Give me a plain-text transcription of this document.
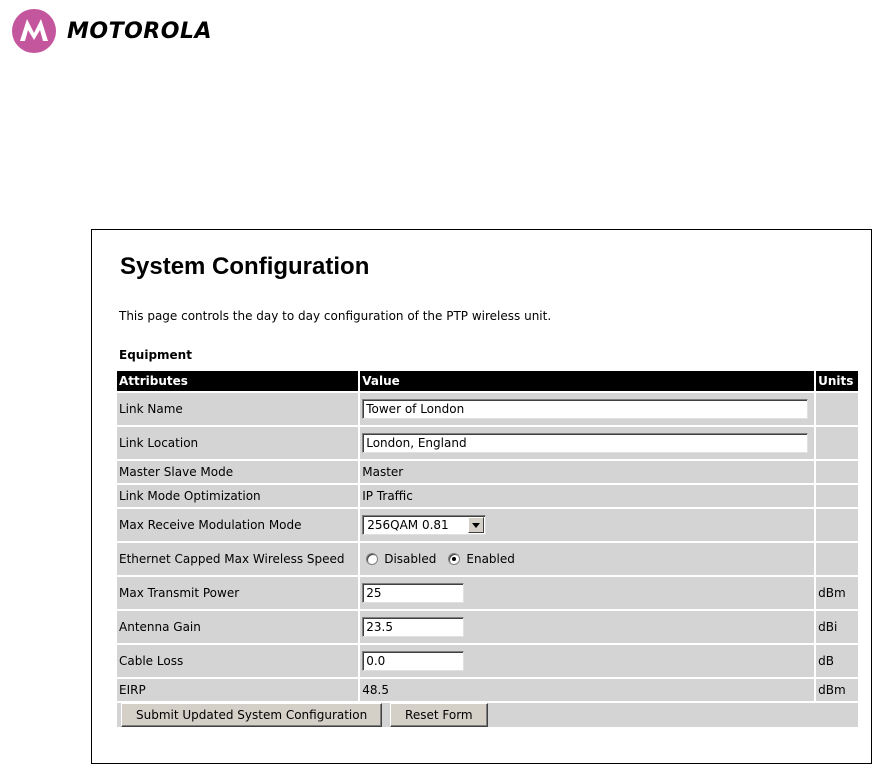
MOTOROLA
System Configuration
This page controls the day to day configuration of the PTP wireless unit.
Equipment
Attributes	Value	Units
Link Name	Tower of London	
Link Location	London, England	
Master Slave Mode	Master	
Link Mode Optimization	IP Traffic	
Max Receive Modulation Mode	256QAM 0.81	

Ethernet Capped Max Wireless Speed	Disabled Enabled	

Max Transmit Power	25	dBm
Antenna Gain	23.5	dBi
Cable Loss	0.0	dB
EIRP	48.5	dBm
Submit Updated System Configuration Reset Form		
